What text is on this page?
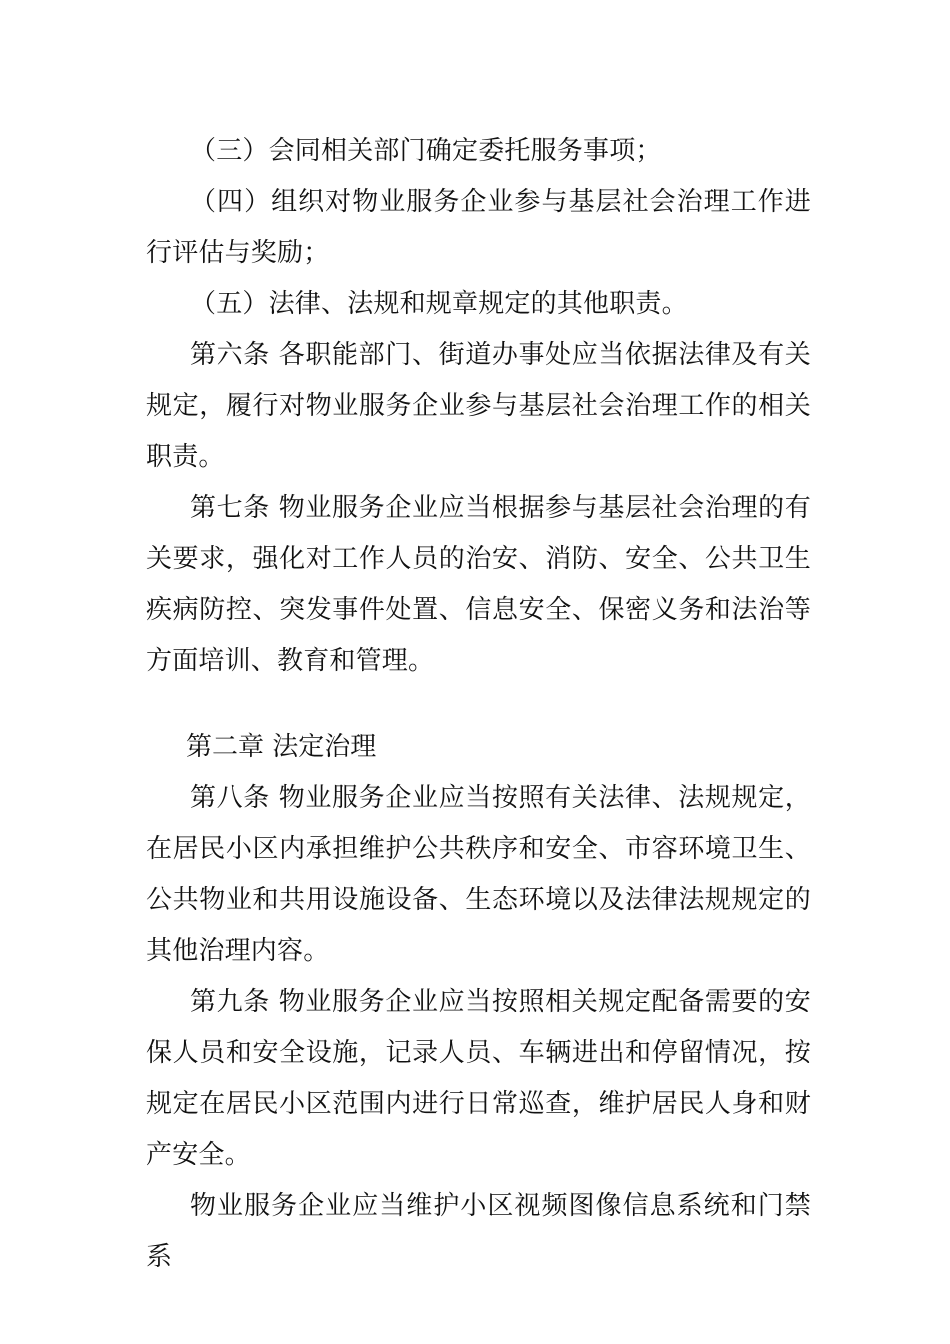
（三）会同相关部门确定委托服务事项；

（四）组织对物业服务企业参与基层社会治理工作进行评估与奖励；

（五）法律、法规和规章规定的其他职责。

第六条 各职能部门、街道办事处应当依据法律及有关规定，履行对物业服务企业参与基层社会治理工作的相关职责。

第七条 物业服务企业应当根据参与基层社会治理的有关要求，强化对工作人员的治安、消防、安全、公共卫生疾病防控、突发事件处置、信息安全、保密义务和法治等方面培训、教育和管理。

第二章 法定治理

第八条 物业服务企业应当按照有关法律、法规规定，在居民小区内承担维护公共秩序和安全、市容环境卫生、公共物业和共用设施设备、生态环境以及法律法规规定的其他治理内容。

第九条 物业服务企业应当按照相关规定配备需要的安保人员和安全设施，记录人员、车辆进出和停留情况，按规定在居民小区范围内进行日常巡查，维护居民人身和财产安全。

物业服务企业应当维护小区视频图像信息系统和门禁系
